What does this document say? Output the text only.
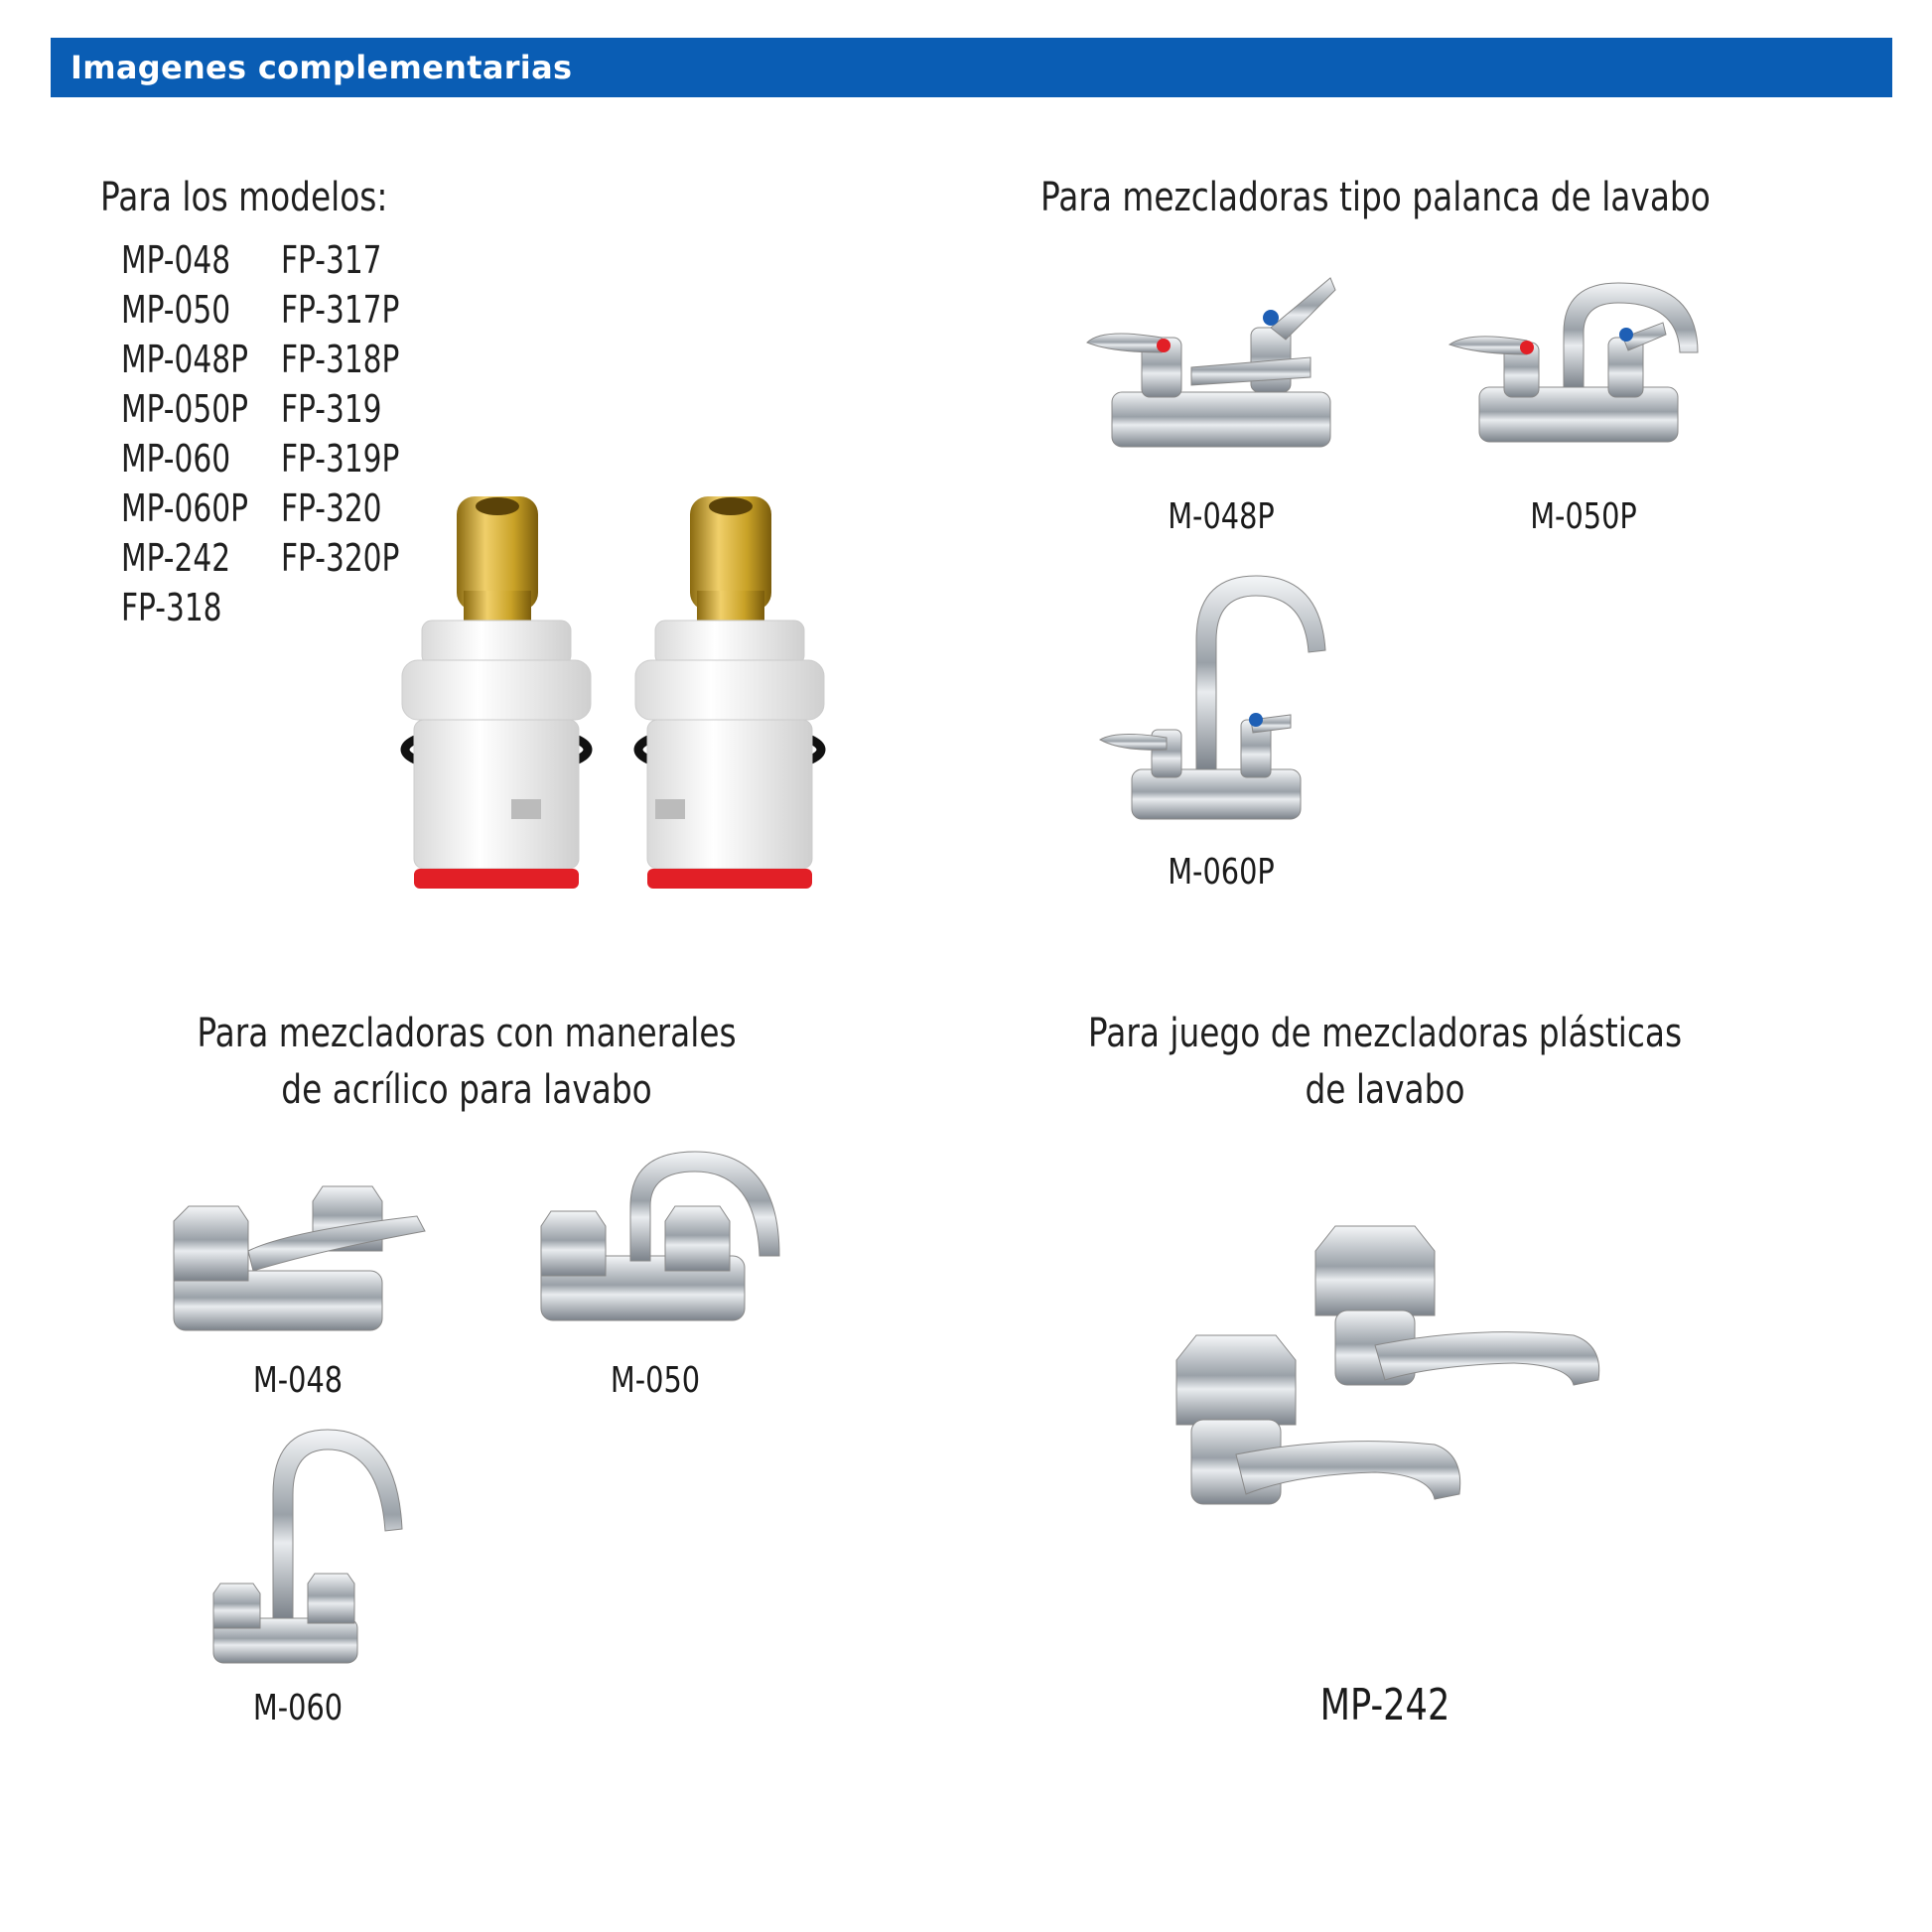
Imagenes complementarias
Para los modelos:
MP-048
MP-050
MP-048P
MP-050P
MP-060
MP-060P
MP-242
FP-318
FP-317
FP-317P
FP-318P
FP-319
FP-319P
FP-320
FP-320P
Para mezcladoras tipo palanca de lavabo
M-048P	M-050P
M-060P
Para mezcladoras con manerales
de acrílico para lavabo
M-048	M-050
M-060
Para juego de mezcladoras plásticas
de lavabo
MP-242
